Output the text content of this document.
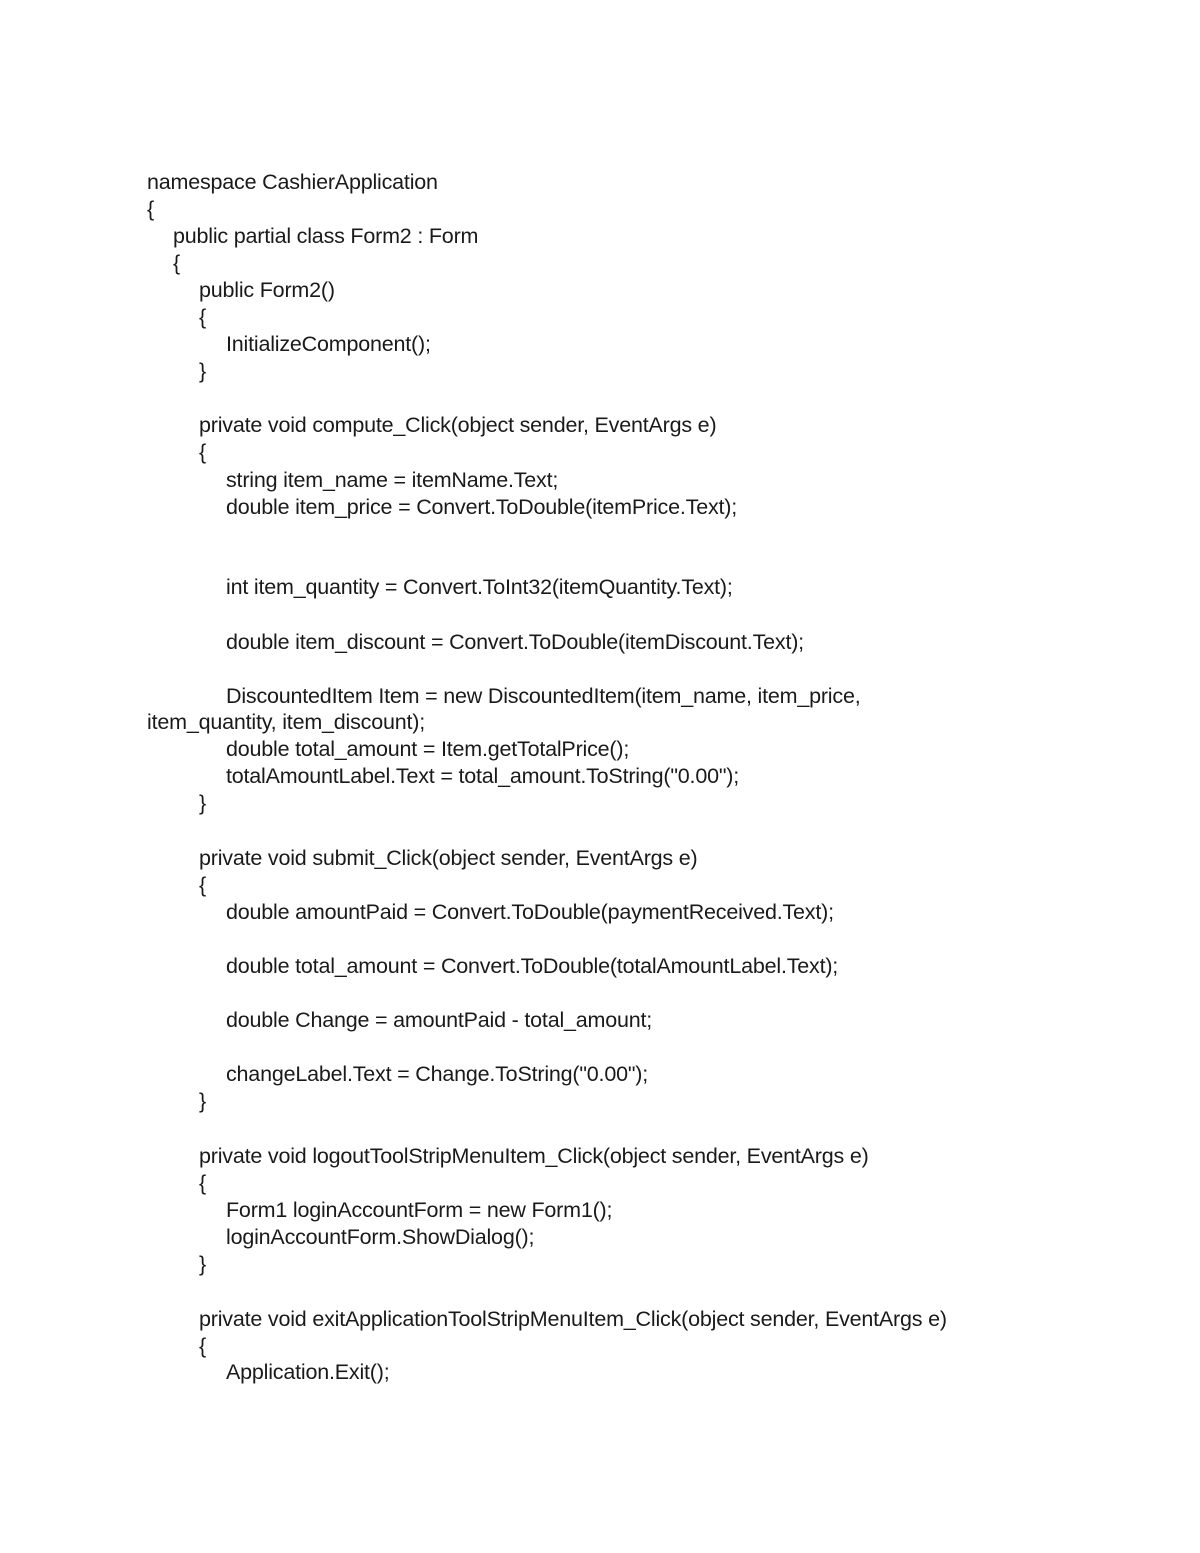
namespace CashierApplication
{
public partial class Form2 : Form
{
public Form2()
{
InitializeComponent();
}
private void compute_Click(object sender, EventArgs e)
{
string item_name = itemName.Text;
double item_price = Convert.ToDouble(itemPrice.Text);
int item_quantity = Convert.ToInt32(itemQuantity.Text);
double item_discount = Convert.ToDouble(itemDiscount.Text);
DiscountedItem Item = new DiscountedItem(item_name, item_price,
item_quantity, item_discount);
double total_amount = Item.getTotalPrice();
totalAmountLabel.Text = total_amount.ToString("0.00");
}
private void submit_Click(object sender, EventArgs e)
{
double amountPaid = Convert.ToDouble(paymentReceived.Text);
double total_amount = Convert.ToDouble(totalAmountLabel.Text);
double Change = amountPaid - total_amount;
changeLabel.Text = Change.ToString("0.00");
}
private void logoutToolStripMenuItem_Click(object sender, EventArgs e)
{
Form1 loginAccountForm = new Form1();
loginAccountForm.ShowDialog();
}
private void exitApplicationToolStripMenuItem_Click(object sender, EventArgs e)
{
Application.Exit();
